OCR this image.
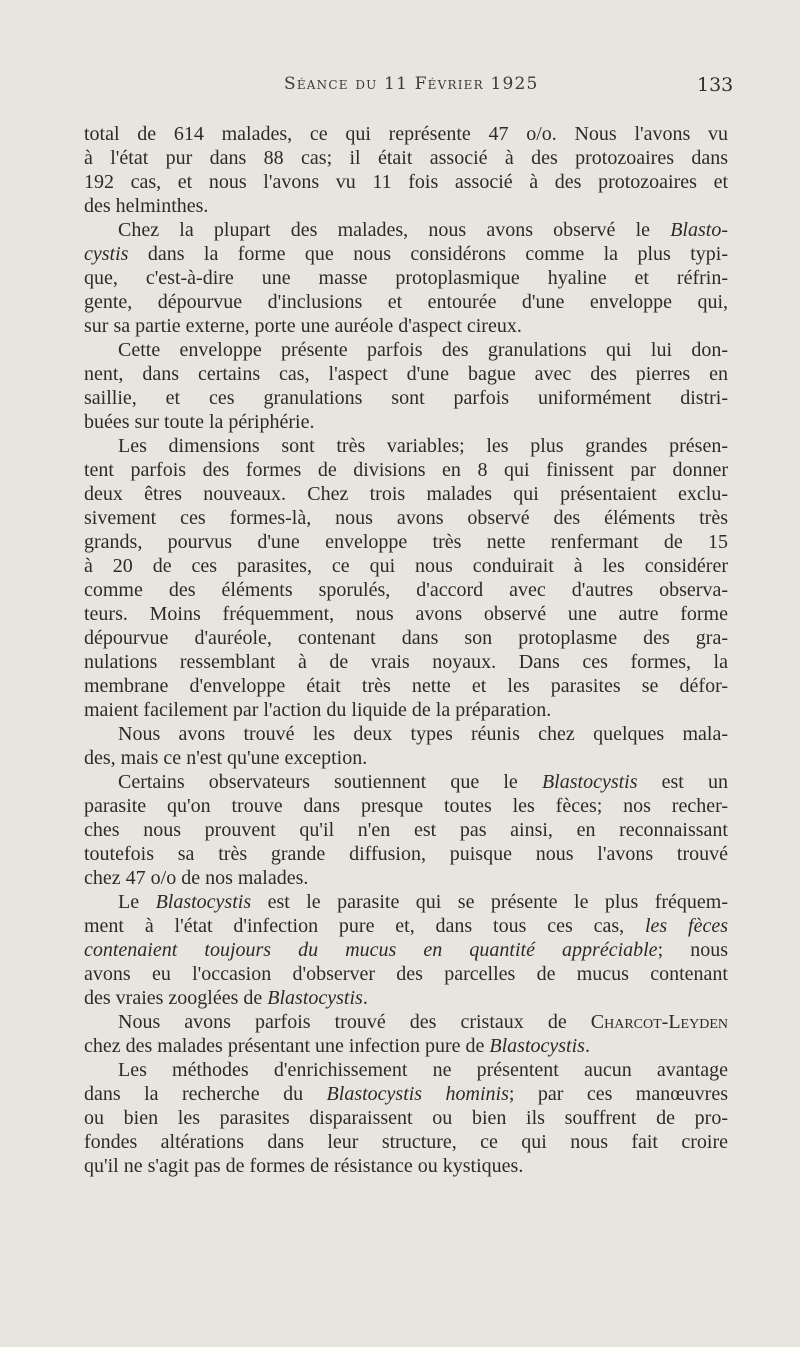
Séance du 11 Février 1925	133
total de 614 malades, ce qui représente 47 o/o. Nous l'avons vu
à l'état pur dans 88 cas; il était associé à des protozoaires dans
192 cas, et nous l'avons vu 11 fois associé à des protozoaires et
des helminthes.
Chez la plupart des malades, nous avons observé le Blasto-
cystis dans la forme que nous considérons comme la plus typi-
que, c'est-à-dire une masse protoplasmique hyaline et réfrin-
gente, dépourvue d'inclusions et entourée d'une enveloppe qui,
sur sa partie externe, porte une auréole d'aspect cireux.
Cette enveloppe présente parfois des granulations qui lui don-
nent, dans certains cas, l'aspect d'une bague avec des pierres en
saillie, et ces granulations sont parfois uniformément distri-
buées sur toute la périphérie.
Les dimensions sont très variables; les plus grandes présen-
tent parfois des formes de divisions en 8 qui finissent par donner
deux êtres nouveaux. Chez trois malades qui présentaient exclu-
sivement ces formes-là, nous avons observé des éléments très
grands, pourvus d'une enveloppe très nette renfermant de 15
à 20 de ces parasites, ce qui nous conduirait à les considérer
comme des éléments sporulés, d'accord avec d'autres observa-
teurs. Moins fréquemment, nous avons observé une autre forme
dépourvue d'auréole, contenant dans son protoplasme des gra-
nulations ressemblant à de vrais noyaux. Dans ces formes, la
membrane d'enveloppe était très nette et les parasites se défor-
maient facilement par l'action du liquide de la préparation.
Nous avons trouvé les deux types réunis chez quelques mala-
des, mais ce n'est qu'une exception.
Certains observateurs soutiennent que le Blastocystis est un
parasite qu'on trouve dans presque toutes les fèces; nos recher-
ches nous prouvent qu'il n'en est pas ainsi, en reconnaissant
toutefois sa très grande diffusion, puisque nous l'avons trouvé
chez 47 o/o de nos malades.
Le Blastocystis est le parasite qui se présente le plus fréquem-
ment à l'état d'infection pure et, dans tous ces cas, les fèces
contenaient toujours du mucus en quantité appréciable; nous
avons eu l'occasion d'observer des parcelles de mucus contenant
des vraies zooglées de Blastocystis.
Nous avons parfois trouvé des cristaux de Charcot-Leyden
chez des malades présentant une infection pure de Blastocystis.
Les méthodes d'enrichissement ne présentent aucun avantage
dans la recherche du Blastocystis hominis; par ces manœuvres
ou bien les parasites disparaissent ou bien ils souffrent de pro-
fondes altérations dans leur structure, ce qui nous fait croire
qu'il ne s'agit pas de formes de résistance ou kystiques.
